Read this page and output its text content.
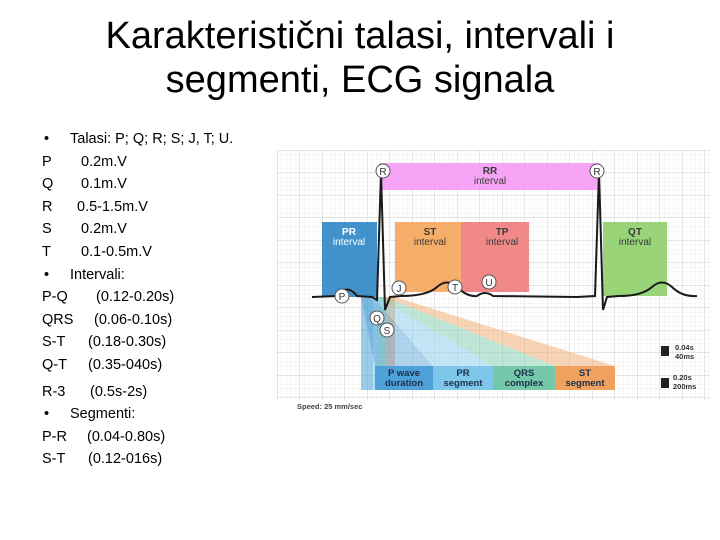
Karakteristični talasi, intervali i
segmenti, ECG signala
• Talasi: P; Q; R; S; J, T; U.
P 0.2m.V
Q 0.1m.V
R 0.5-1.5m.V
S 0.2m.V
T 0.1-0.5m.V
• Intervali:
P-Q (0.12-0.20s)
QRS (0.06-0.10s)
S-T (0.18-0.30s)
Q-T (0.35-040s)
R-3 (0.5s-2s)
• Segmenti:
P-R (0.04-0.80s)
S-T (0.12-016s)
R	R
P
Q
S
J	T	U
RR
interval
PR
interval
ST
interval
TP
interval
QT
interval
P wave
duration
PR
segment
QRS
complex
ST
segment
0.04s
40ms
0.20s
200ms
Speed: 25 mm/sec
